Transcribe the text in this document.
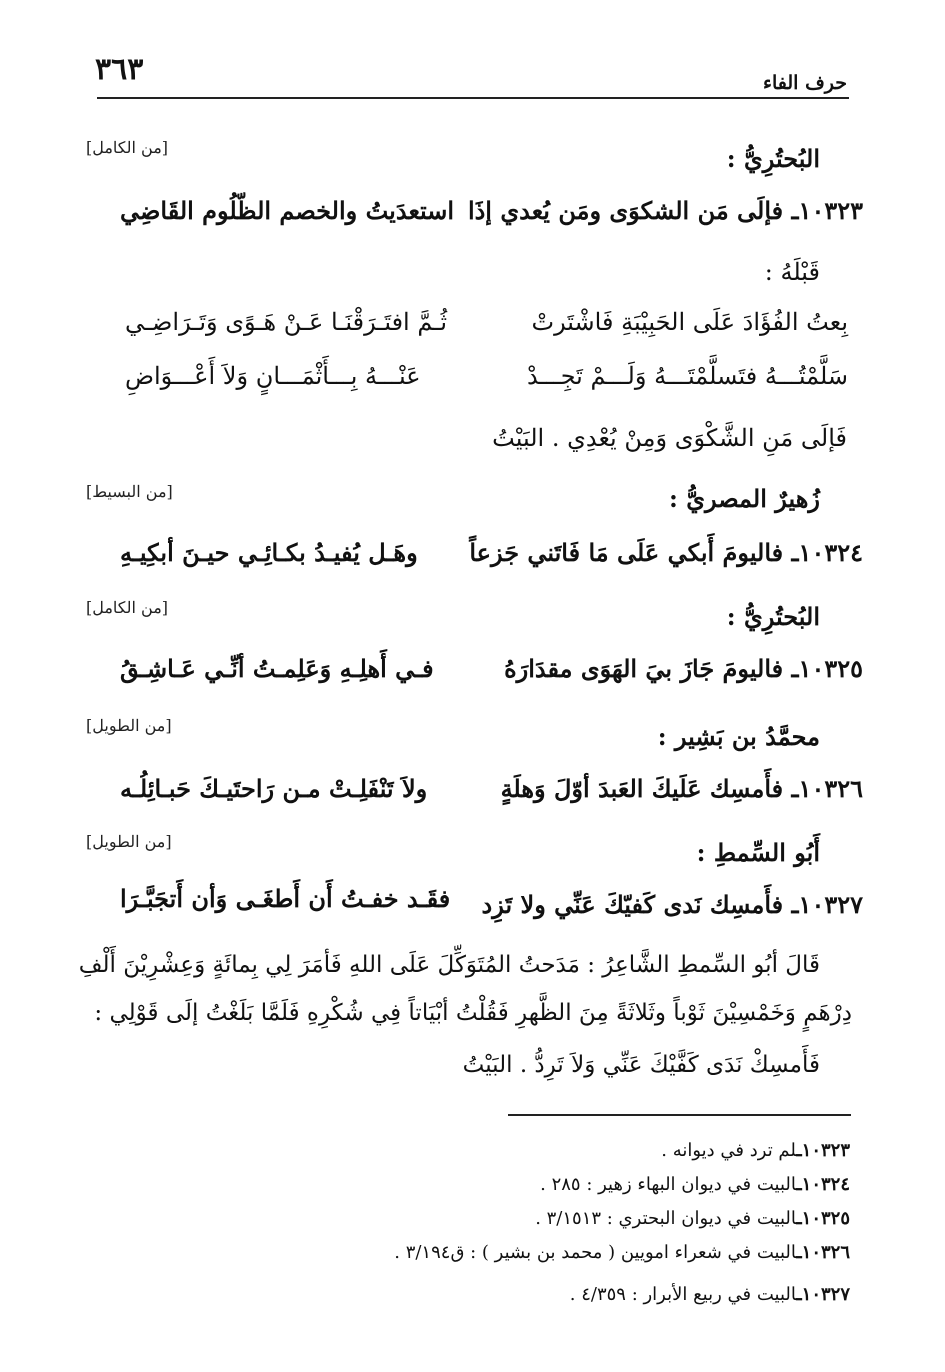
٣٦٣	حرف الفاء
البُحتُرِيُّ :
[من الكامل]
١٠٣٢٣ـ فإلَى مَن الشكوَى ومَن يُعدي إذَا
استعدَيتُ والخصم الظّلُوم القَاضِي
قَبْلَهُ :
بِعتُ الفُؤَادَ عَلَى الحَبِيْبَةِ فَاشْتَرتْ
ثُـمَّ افتَـرَقْنَـا عَـنْ هَـوًى وَتَـرَاضِـي
سَلَّمْتُـــهُ فتَسلَّمْتَـــهُ وَلَـــمْ تَجِـــدْ
عَنْـــهُ بِـــأَثْمَـــانٍ وَلاَ أَعْـــوَاضِ
فَإلَى مَنِ الشَّكْوَى وَمِنْ يُعْدِي . البَيْتُ
زُهيرٌ المصريُّ :
[من البسيط]
١٠٣٢٤ـ فاليومَ أَبكي عَلَى مَا فَاتَني جَزعاً
وهَـل يُفيـدُ بكـائِـي حيـنَ أبكِيـهِ
البُحتُرِيُّ :
[من الكامل]
١٠٣٢٥ـ فاليومَ جَازَ بيَ الهَوَى مقدَارَهُ
فـي أَهلِـهِ وَعَلِمـتُ أنِّـي عَـاشِـقُ
محمَّدُ بن بَشِير :
[من الطويل]
١٠٣٢٦ـ فأَمسِك عَلَيكَ العَبدَ أوّلَ وَهلَةٍ
ولاَ تَنْفَلِـتْ مـن رَاحتَيـكَ حَبـائِلُـه
أَبُو السِّمطِ :
[من الطويل]
١٠٣٢٧ـ فأَمسِك نَدى كَفيّكَ عَنِّي ولا تَزِد
فقَـد خفـتُ أَن أَطغَـى وَأن أَتجَبَّـرَا
قَالَ أبُو السِّمطِ الشَّاعِرُ : مَدَحتُ المُتَوَكِّلَ عَلَى اللهِ فَأمَرَ لِي بِمائَةٍ وَعِشْرِيْنَ أَلْفِ
دِرْهَمٍ وَخَمْسِيْنَ ثَوْباً وثَلاثَةً مِنَ الظَّهرِ فَقُلْتُ أبْيَاتاً فِي شُكْرِهِ فَلَمَّا بَلَغْتُ إلَى قَوْلِي :
فَأَمسِكْ نَدَى كَفَّيْكَ عَنِّي وَلاَ تَرِدُّ . البَيْتُ
١٠٣٢٣ـلم ترد في ديوانه .
١٠٣٢٤ـالبيت في ديوان البهاء زهير : ٢٨٥ .
١٠٣٢٥ـالبيت في ديوان البحتري : ٣/١٥١٣ .
١٠٣٢٦ـالبيت في شعراء امويين ( محمد بن بشير ) : ق٣/١٩٤ .
١٠٣٢٧ـالبيت في ربيع الأبرار : ٤/٣٥٩ .
